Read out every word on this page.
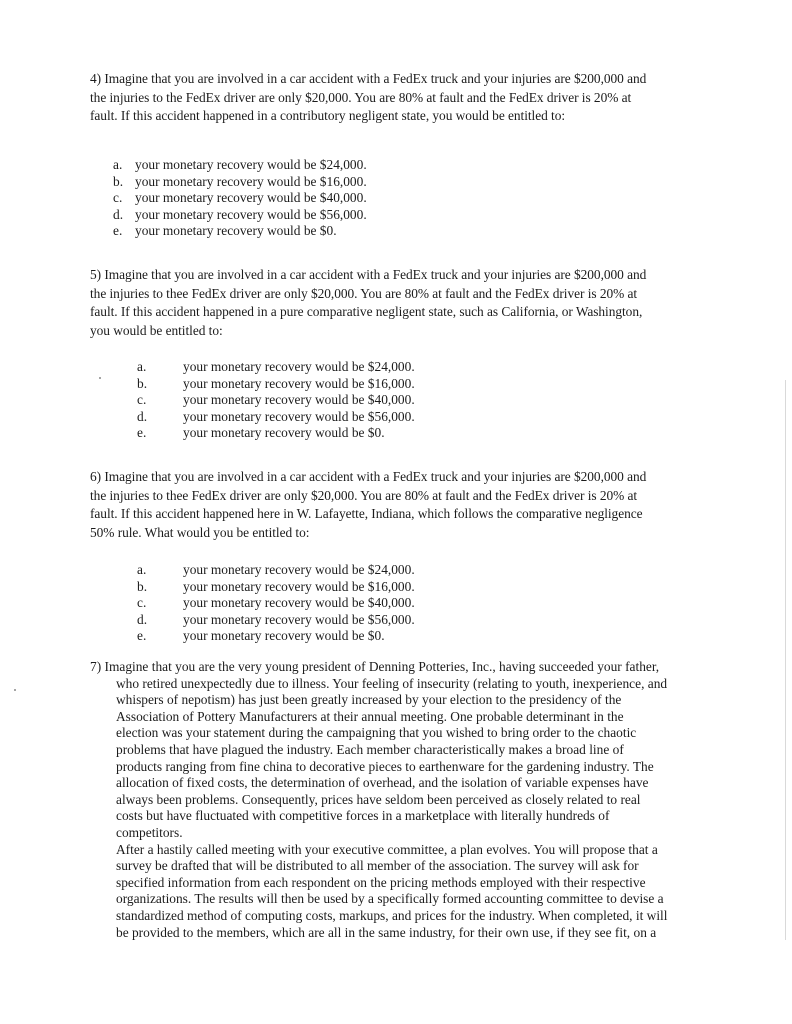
4) Imagine that you are involved in a car accident with a FedEx truck and your injuries are $200,000 and
the injuries to the FedEx driver are only $20,000. You are 80% at fault and the FedEx driver is 20% at
fault. If this accident happened in a contributory negligent state, you would be entitled to:
a. your monetary recovery would be $24,000.
b. your monetary recovery would be $16,000.
c. your monetary recovery would be $40,000.
d. your monetary recovery would be $56,000.
e. your monetary recovery would be $0.
5) Imagine that you are involved in a car accident with a FedEx truck and your injuries are $200,000 and
the injuries to thee FedEx driver are only $20,000. You are 80% at fault and the FedEx driver is 20% at
fault. If this accident happened in a pure comparative negligent state, such as California, or Washington,
you would be entitled to:
a.	your monetary recovery would be $24,000.
b.	your monetary recovery would be $16,000.
c.	your monetary recovery would be $40,000.
d.	your monetary recovery would be $56,000.
e.	your monetary recovery would be $0.
6) Imagine that you are involved in a car accident with a FedEx truck and your injuries are $200,000 and
the injuries to thee FedEx driver are only $20,000. You are 80% at fault and the FedEx driver is 20% at
fault. If this accident happened here in W. Lafayette, Indiana, which follows the comparative negligence
50% rule. What would you be entitled to:
a.	your monetary recovery would be $24,000.
b.	your monetary recovery would be $16,000.
c.	your monetary recovery would be $40,000.
d.	your monetary recovery would be $56,000.
e.	your monetary recovery would be $0.
7) Imagine that you are the very young president of Denning Potteries, Inc., having succeeded your father,
who retired unexpectedly due to illness. Your feeling of insecurity (relating to youth, inexperience, and
whispers of nepotism) has just been greatly increased by your election to the presidency of the
Association of Pottery Manufacturers at their annual meeting. One probable determinant in the
election was your statement during the campaigning that you wished to bring order to the chaotic
problems that have plagued the industry. Each member characteristically makes a broad line of
products ranging from fine china to decorative pieces to earthenware for the gardening industry. The
allocation of fixed costs, the determination of overhead, and the isolation of variable expenses have
always been problems. Consequently, prices have seldom been perceived as closely related to real
costs but have fluctuated with competitive forces in a marketplace with literally hundreds of
competitors.
After a hastily called meeting with your executive committee, a plan evolves. You will propose that a
survey be drafted that will be distributed to all member of the association. The survey will ask for
specified information from each respondent on the pricing methods employed with their respective
organizations. The results will then be used by a specifically formed accounting committee to devise a
standardized method of computing costs, markups, and prices for the industry. When completed, it will
be provided to the members, which are all in the same industry, for their own use, if they see fit, on a
